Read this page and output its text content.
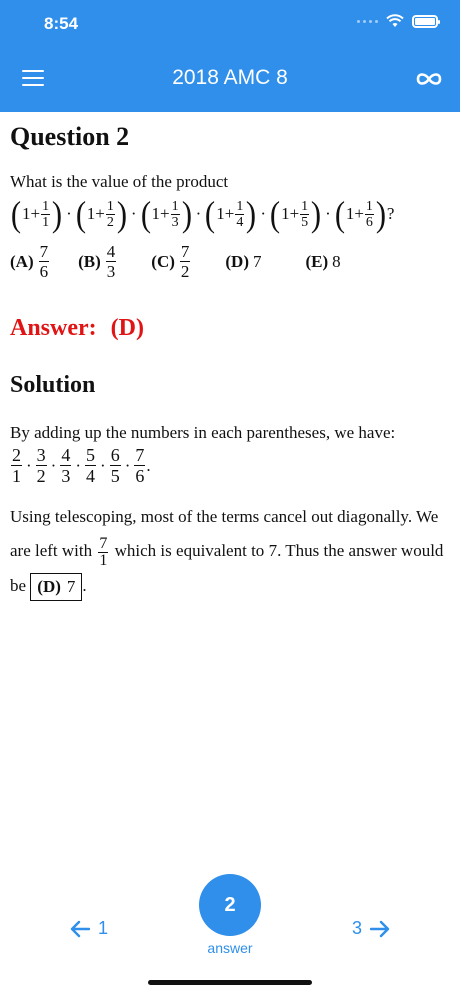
8:54
2018 AMC 8
Question 2
What is the value of the product
( $1+ \frac{1}{1}$ ) · ( $1+ \frac{1}{2}$ ) · ( $1+ \frac{1}{3}$ ) · ( $1+ \frac{1}{4}$ ) · ( $1+ \frac{1}{5}$ ) · ( $1+ \frac{1}{6}$ ) ?
$(A) \frac{7}{6} (B) \frac{4}{3} (C) \frac{7}{2} (D)$ 7	(E) 8
Answer: (D)
Solution
By adding up the numbers in each parentheses, we have:
$\frac{2}{1} \cdot \frac{3}{2} \cdot \frac{4}{3} \cdot \frac{5}{4} \cdot \frac{6}{5} \cdot \frac{7}{6}$ .
Using telescoping, most of the terms cancel out diagonally. We are left with $\frac{7}{1}$ which is equivalent to 7. Thus the answer would be (D) 7 .
1
2
answer
3
